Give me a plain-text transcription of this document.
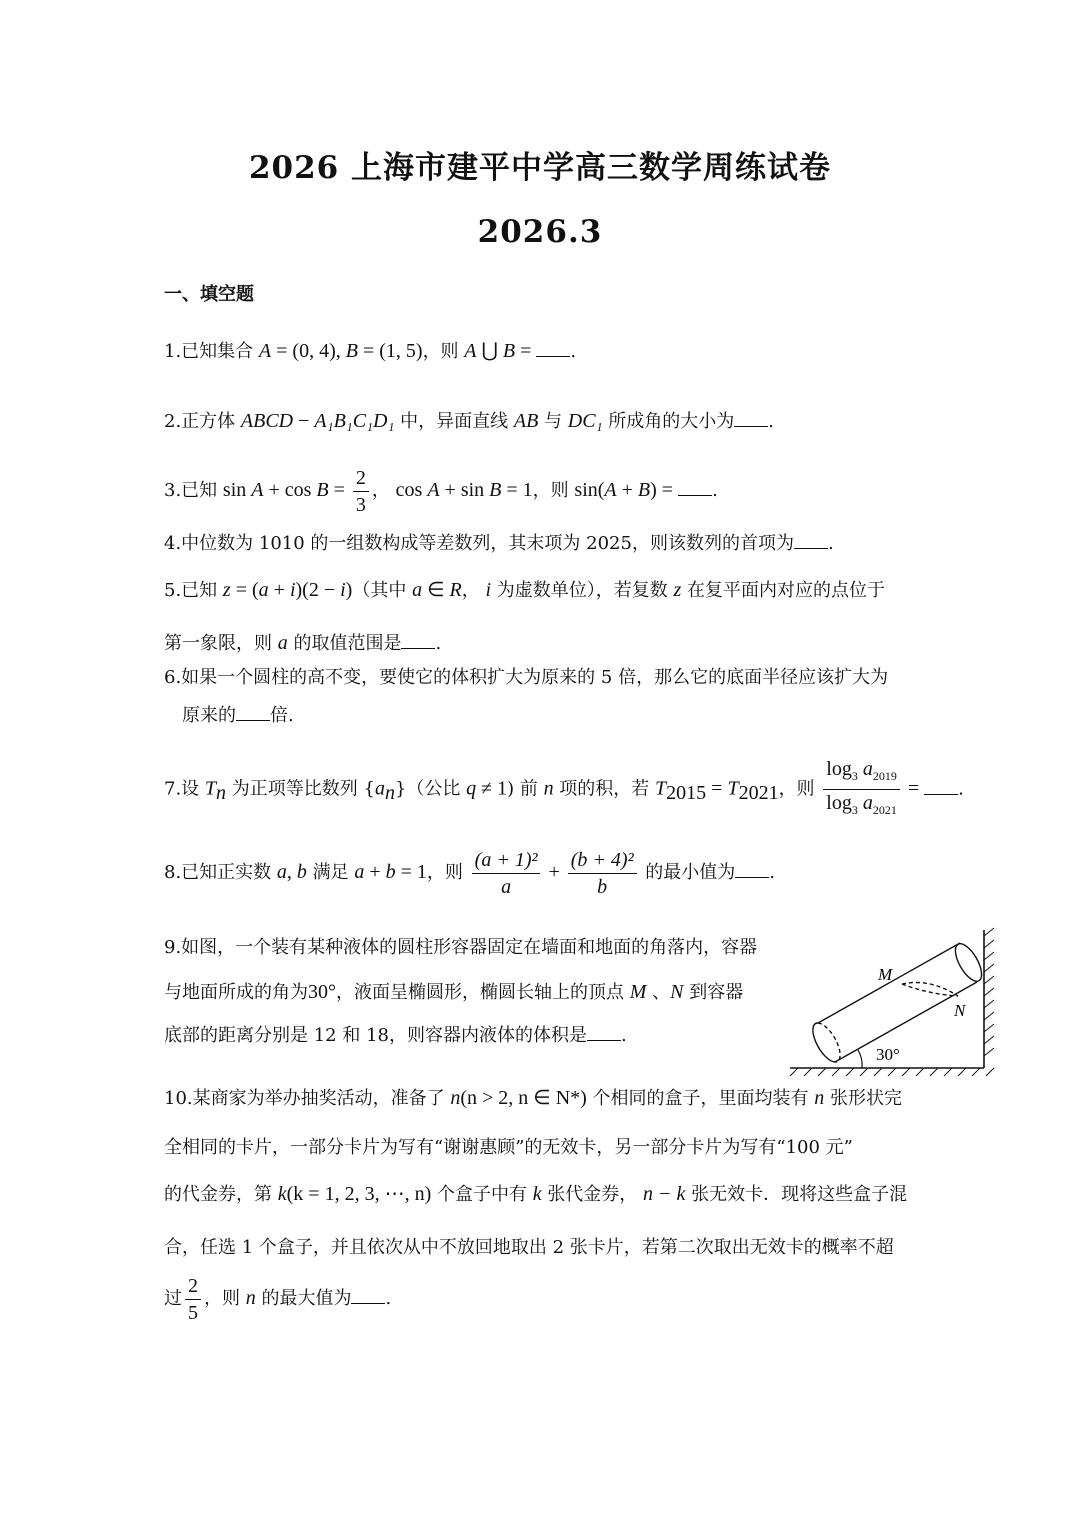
2026 上海市建平中学高三数学周练试卷
2026.3
一、填空题
1.已知集合 A = (0, 4), B = (1, 5)，则 A ⋃ B = .
2.正方体 ABCD − A₁B₁C₁D₁ 中，异面直线 AB 与 DC₁ 所成角的大小为 .
3.已知 $\sin A + \cos B = \frac{2}{3}$ ， cos A + sin B = 1，则 sin(A + B) = .
4.中位数为 1010 的一组数构成等差数列，其末项为 2025，则该数列的首项为 .
5.已知 z = (a + i)(2 − i)（其中 a ∈ R， i 为虚数单位），若复数 z 在复平面内对应的点位于
第一象限，则 a 的取值范围是 .
6.如果一个圆柱的高不变，要使它的体积扩大为原来的 5 倍，那么它的底面半径应该扩大为
原来的 倍.
7.设 $T_n$ 为正项等比数列 $\{a_n\}$（公比 q ≠ 1) 前 n 项的积，若 $T_{2015} = T_{2021}$，则 $\frac{\log_3 a_{2019}}{\log_3 a_{2021}}$ = .
8.已知正实数 a, b 满足 a + b = 1，则 $\frac{\text{(a + 1)²}}{a} + \frac{\text{(b + 4)²}}{b}$ 的最小值为 .
9.如图，一个装有某种液体的圆柱形容器固定在墙面和地面的角落内，容器
与地面所成的角为30°，液面呈椭圆形，椭圆长轴上的顶点 M 、N 到容器
底部的距离分别是 12 和 18，则容器内液体的体积是 .
30°
M
N
10.某商家为举办抽奖活动，准备了 n(n > 2, n ∈ N*) 个相同的盒子，里面均装有 n 张形状完
全相同的卡片，一部分卡片为写有“谢谢惠顾”的无效卡，另一部分卡片为写有“100 元”
的代金券，第 k(k = 1, 2, 3, ⋯, n) 个盒子中有 k 张代金券， n − k 张无效卡．现将这些盒子混
合，任选 1 个盒子，并且依次从中不放回地取出 2 张卡片，若第二次取出无效卡的概率不超
过 $\frac{2}{5}$ ，则 n 的最大值为 .
